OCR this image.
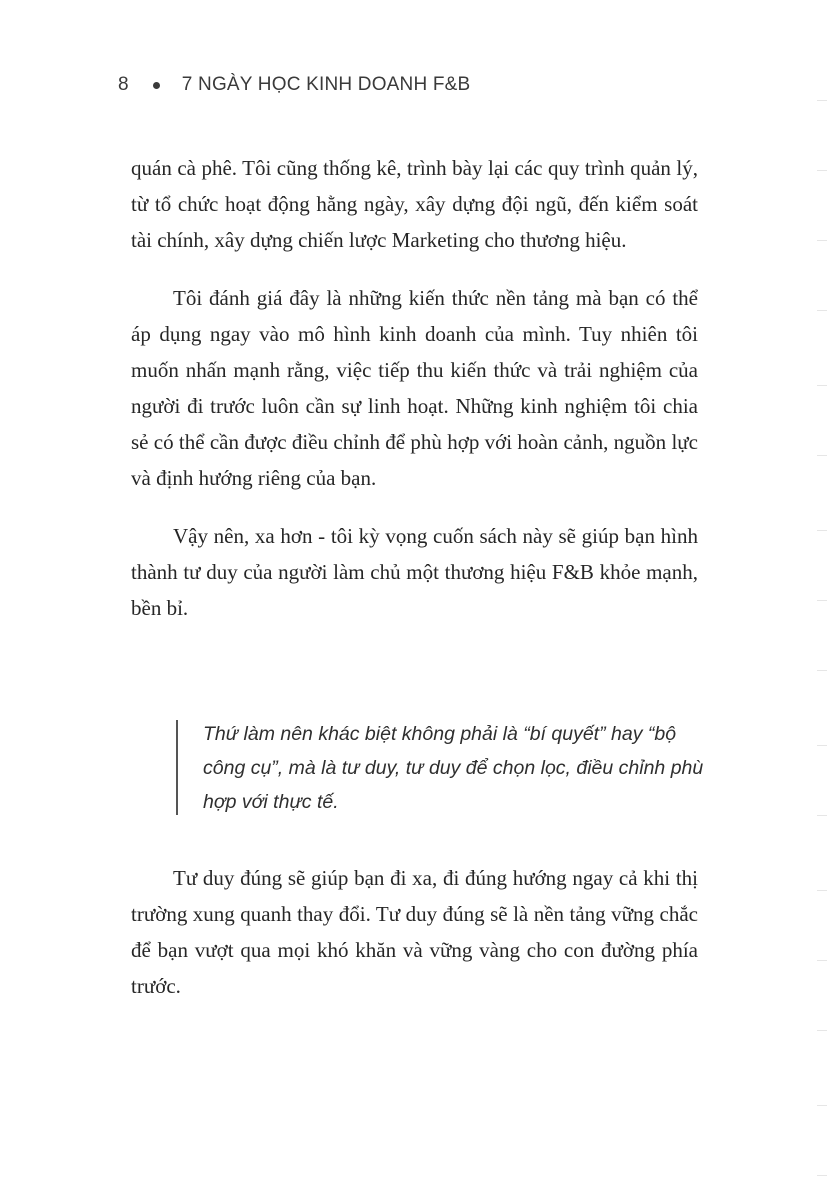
8	7 NGÀY HỌC KINH DOANH F&B

quán cà phê. Tôi cũng thống kê, trình bày lại các quy trình quản lý, từ tổ chức hoạt động hằng ngày, xây dựng đội ngũ, đến kiểm soát tài chính, xây dựng chiến lược Marketing cho thương hiệu.

Tôi đánh giá đây là những kiến thức nền tảng mà bạn có thể áp dụng ngay vào mô hình kinh doanh của mình. Tuy nhiên tôi muốn nhấn mạnh rằng, việc tiếp thu kiến thức và trải nghiệm của người đi trước luôn cần sự linh hoạt. Những kinh nghiệm tôi chia sẻ có thể cần được điều chỉnh để phù hợp với hoàn cảnh, nguồn lực và định hướng riêng của bạn.

Vậy nên, xa hơn - tôi kỳ vọng cuốn sách này sẽ giúp bạn hình thành tư duy của người làm chủ một thương hiệu F&B khỏe mạnh, bền bỉ.

Thứ làm nên khác biệt không phải là “bí quyết” hay “bộ công cụ”, mà là tư duy, tư duy để chọn lọc, điều chỉnh phù hợp với thực tế.

Tư duy đúng sẽ giúp bạn đi xa, đi đúng hướng ngay cả khi thị trường xung quanh thay đổi. Tư duy đúng sẽ là nền tảng vững chắc để bạn vượt qua mọi khó khăn và vững vàng cho con đường phía trước.
